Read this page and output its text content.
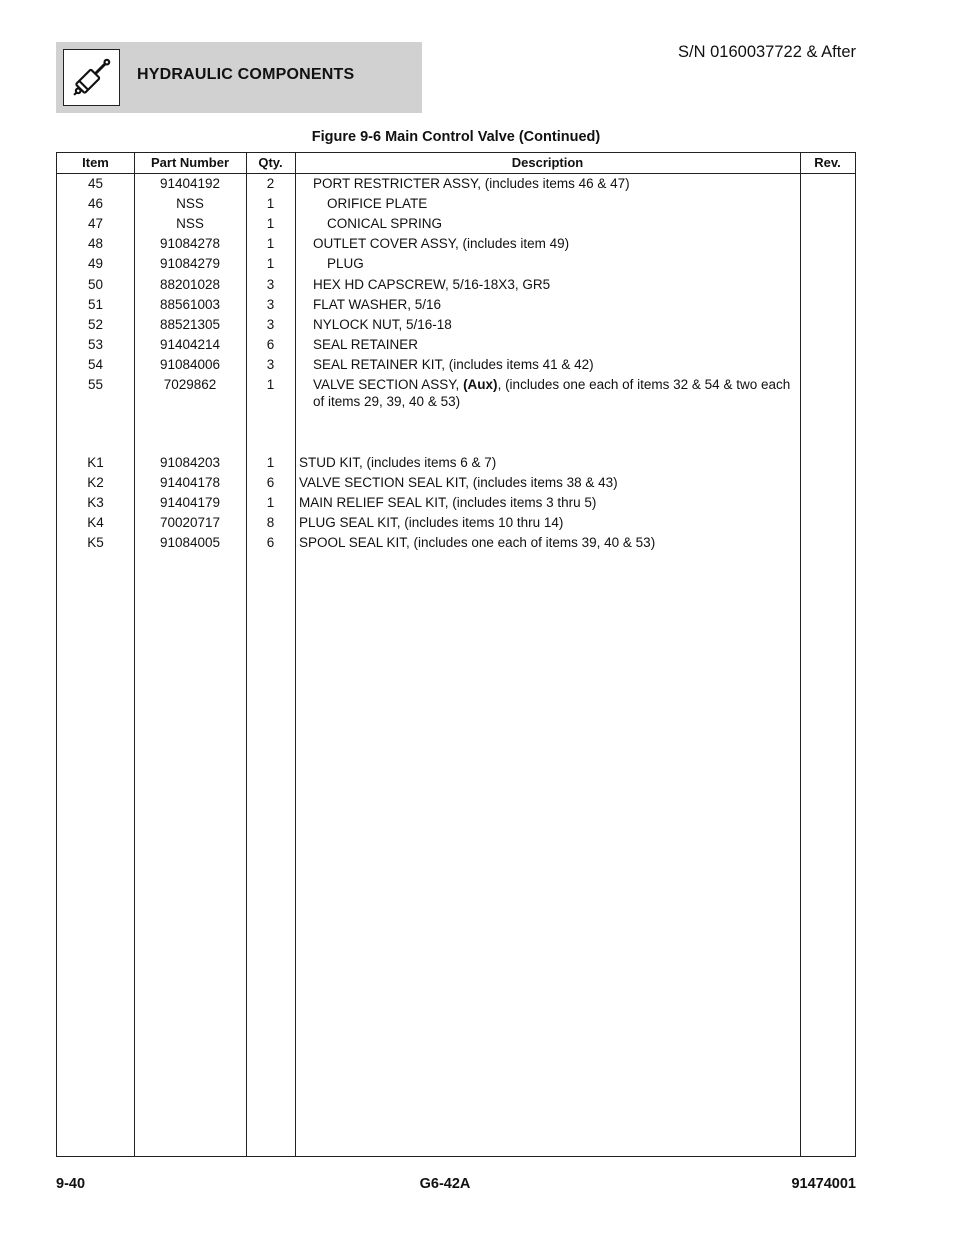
HYDRAULIC COMPONENTS
S/N 0160037722 & After
Figure 9-6 Main Control Valve (Continued)
Item	Part Number	Qty.	Description	Rev.
45	91404192	2	PORT RESTRICTER ASSY, (includes items 46 & 47)
46	NSS	1	ORIFICE PLATE
47	NSS	1	CONICAL SPRING
48	91084278	1	OUTLET COVER ASSY, (includes item 49)
49	91084279	1	PLUG
50	88201028	3	HEX HD CAPSCREW, 5/16-18X3, GR5
51	88561003	3	FLAT WASHER, 5/16
52	88521305	3	NYLOCK NUT, 5/16-18
53	91404214	6	SEAL RETAINER
54	91084006	3	SEAL RETAINER KIT, (includes items 41 & 42)
55	7029862	1	VALVE SECTION ASSY, (Aux), (includes one each of items 32 & 54 & two each of items 29, 39, 40 & 53)
K1	91084203	1	STUD KIT, (includes items 6 & 7)
K2	91404178	6	VALVE SECTION SEAL KIT, (includes items 38 & 43)
K3	91404179	1	MAIN RELIEF SEAL KIT, (includes items 3 thru 5)
K4	70020717	8	PLUG SEAL KIT, (includes items 10 thru 14)
K5	91084005	6	SPOOL SEAL KIT, (includes one each of items 39, 40 & 53)
9-40	G6-42A	91474001
